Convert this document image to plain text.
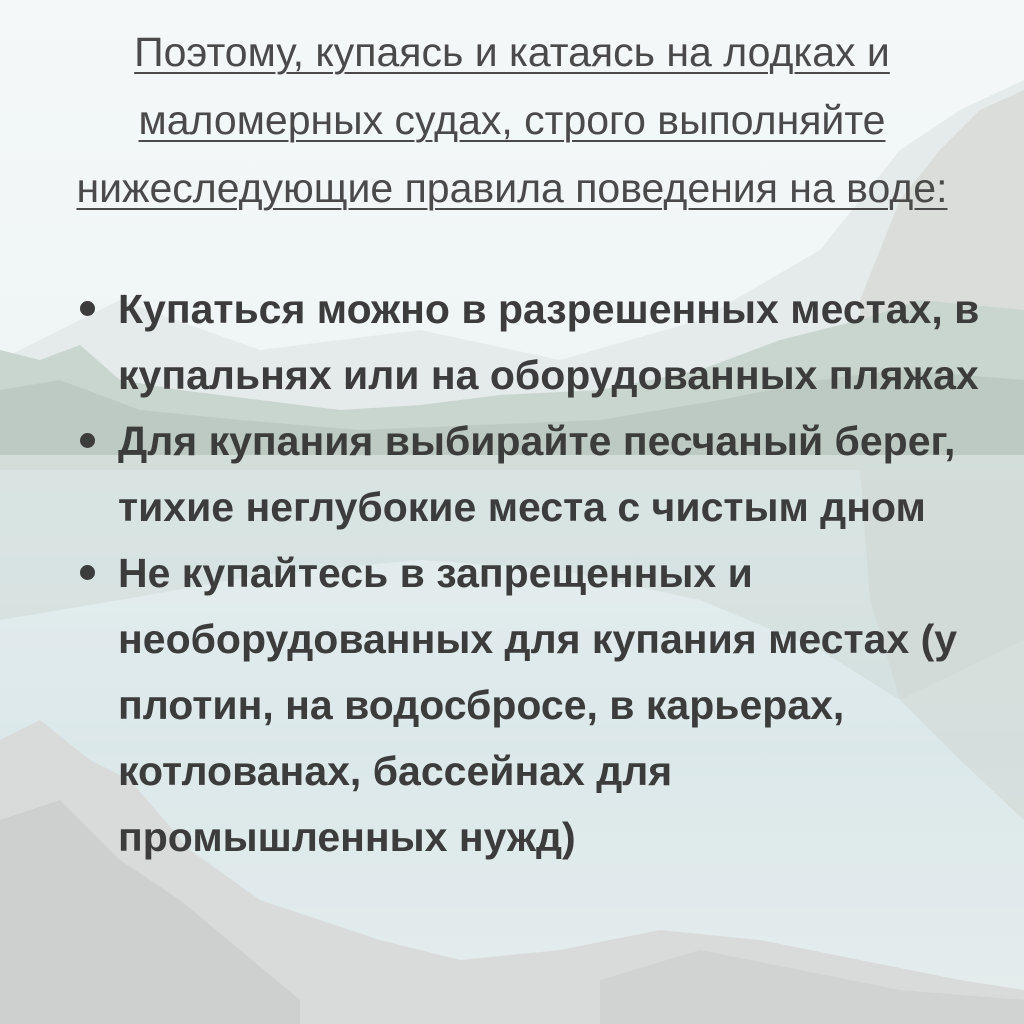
Поэтому, купаясь и катаясь на лодках и маломерных судах, строго выполняйте нижеследующие правила поведения на воде:
Купаться можно в разрешенных местах, в купальнях или на оборудованных пляжах
Для купания выбирайте песчаный берег, тихие неглубокие места с чистым дном
Не купайтесь в запрещенных и необорудованных для купания местах (у плотин, на водосбросе, в карьерах, котлованах, бассейнах для промышленных нужд)
